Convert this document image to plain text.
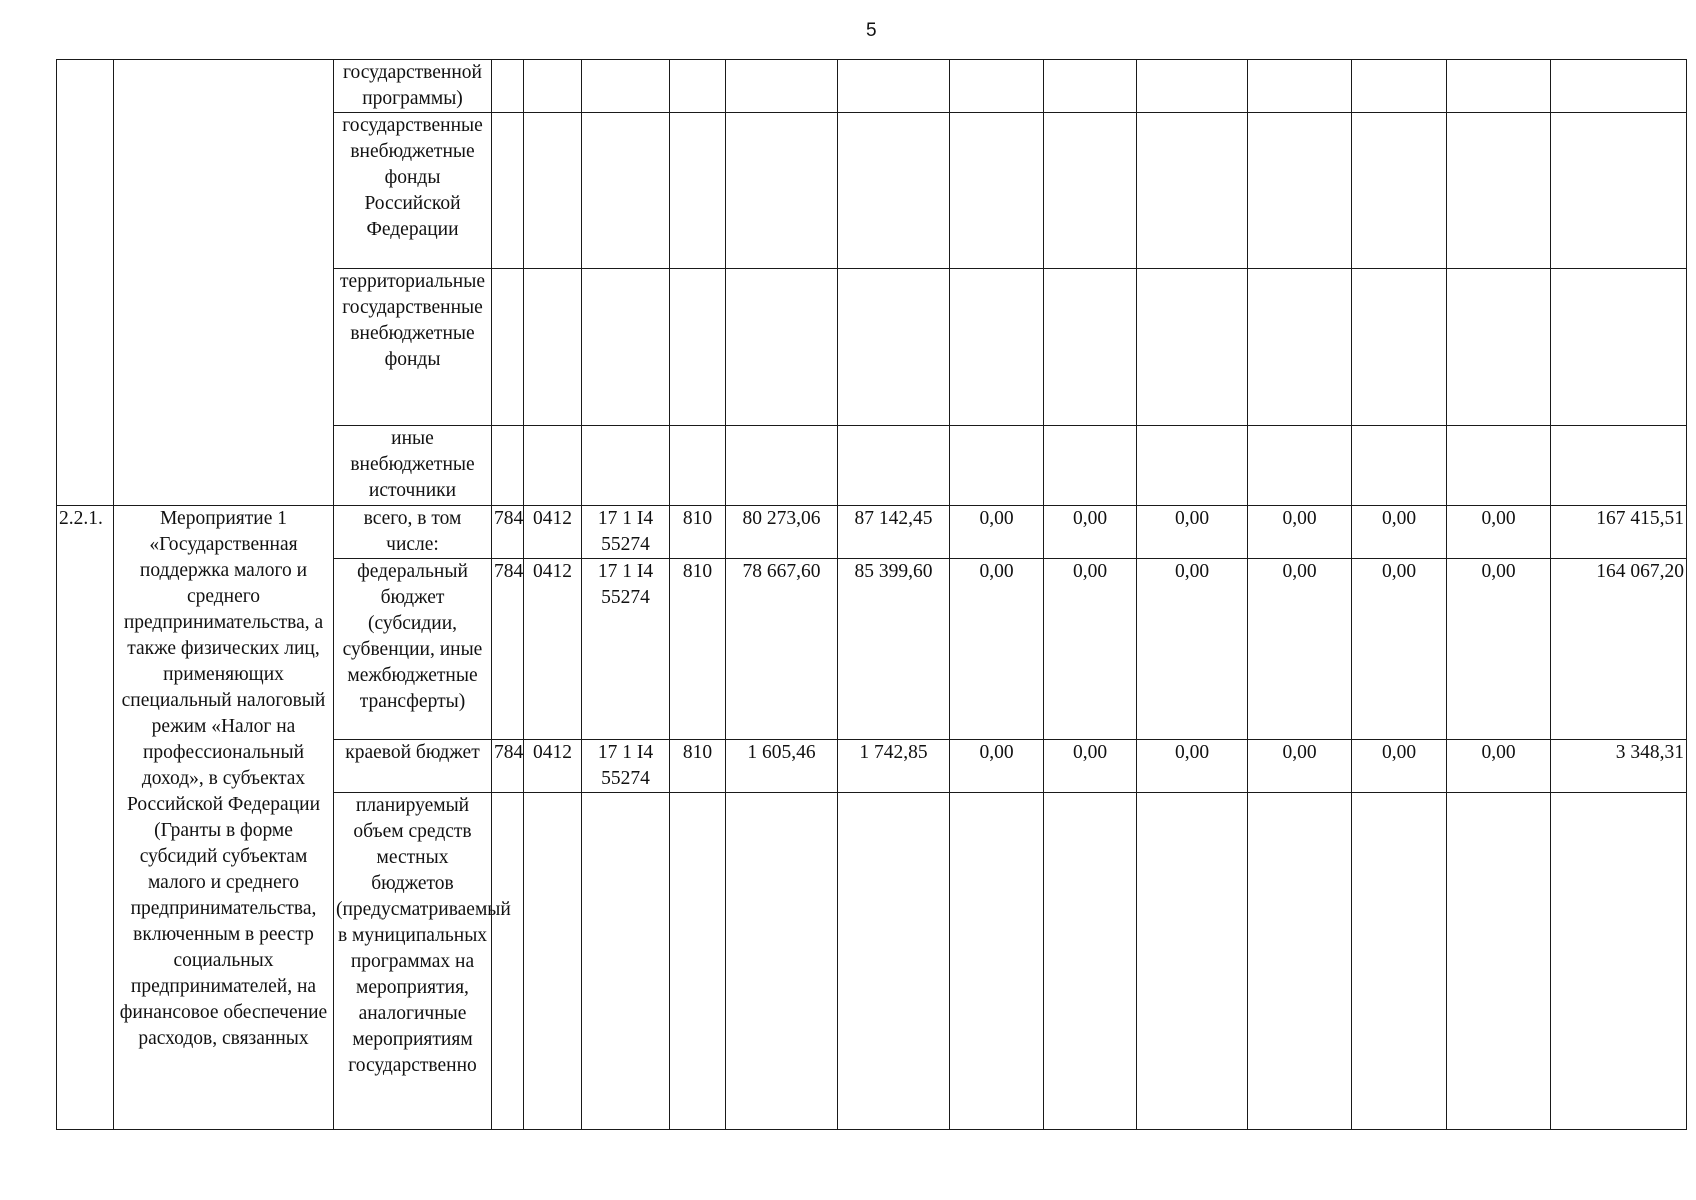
5
		государственной программы)													
		государственные внебюджетные фонды Российской Федерации													
		территориальные государственные внебюджетные фонды													
		иные внебюджетные источники													
2.2.1.	Мероприятие 1 «Государственная поддержка малого и среднего предпринимательства, а также физических лиц, применяющих специальный налоговый режим «Налог на профессиональный доход», в субъектах Российской Федерации (Гранты в форме субсидий субъектам малого и среднего предпринимательства, включенным в реестр социальных предпринимателей, на финансовое обеспечение расходов, связанных	всего, в том числе:	784	0412	17 1 I4 55274	810	80 273,06	87 142,45	0,00	0,00	0,00	0,00	0,00	0,00	167 415,51
		федеральный бюджет (субсидии, субвенции, иные межбюджетные трансферты)	784	0412	17 1 I4 55274	810	78 667,60	85 399,60	0,00	0,00	0,00	0,00	0,00	0,00	164 067,20
		краевой бюджет	784	0412	17 1 I4 55274	810	1 605,46	1 742,85	0,00	0,00	0,00	0,00	0,00	0,00	3 348,31
		планируемый объем средств местных бюджетов (предусматриваемый в муниципальных программах на мероприятия, аналогичные мероприятиям государственно													
